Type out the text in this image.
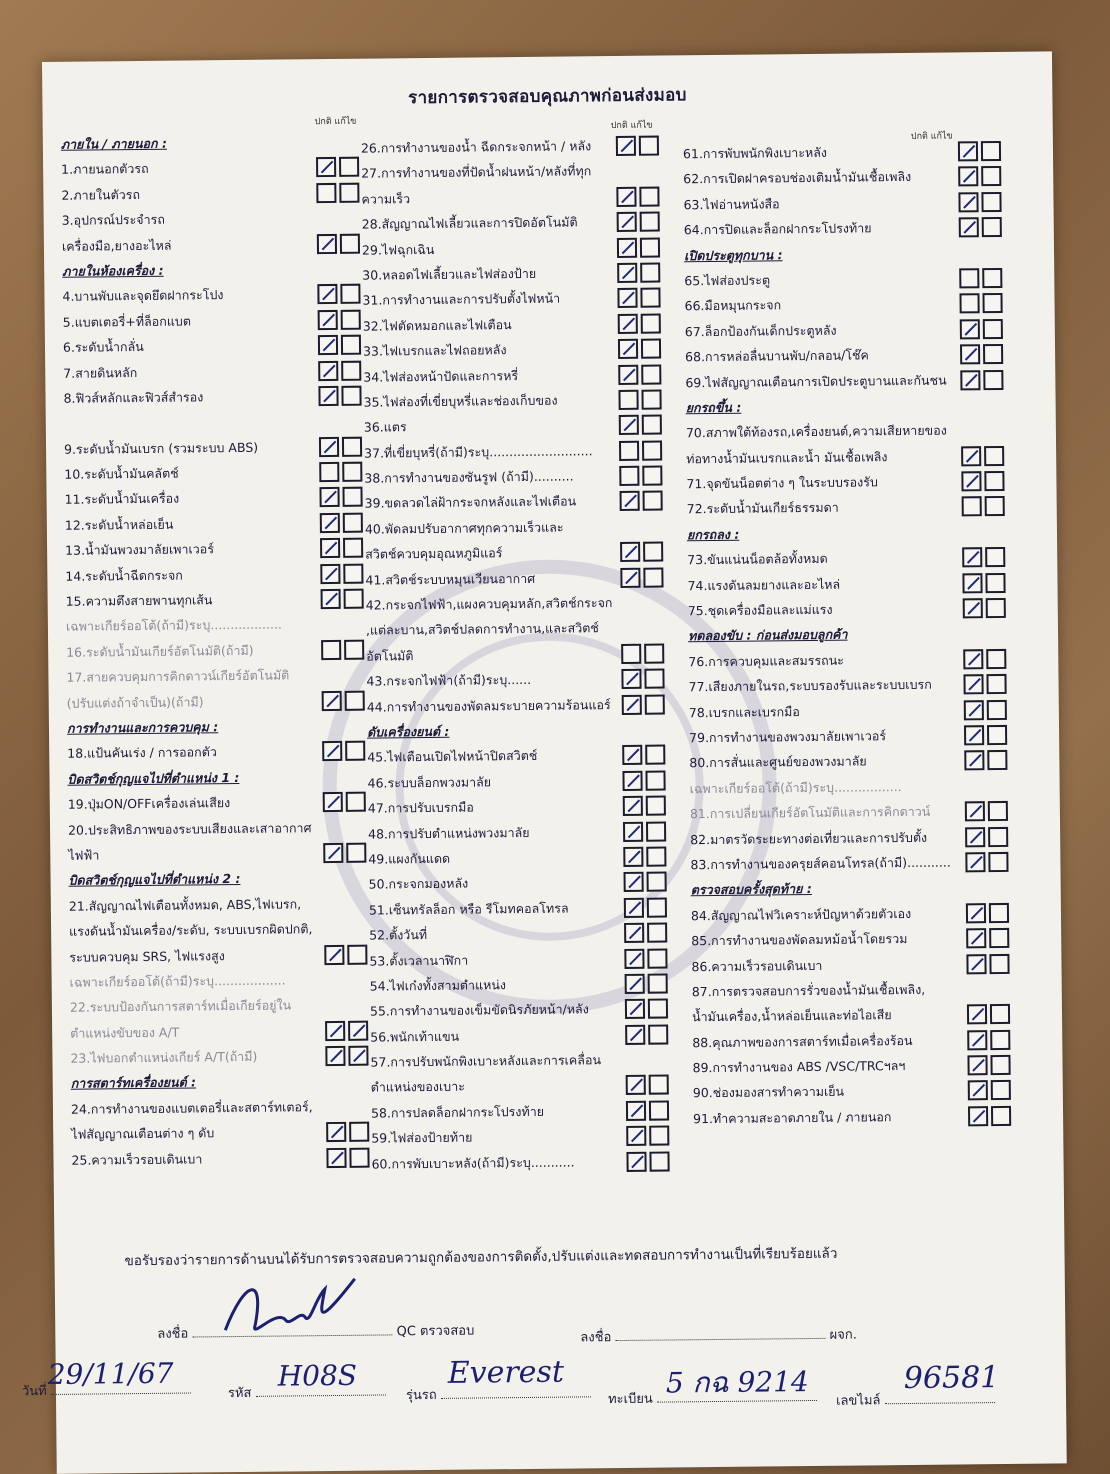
รายการตรวจสอบคุณภาพก่อนส่งมอบ
ปกติ แก้ไข	ปกติ แก้ไข
ปกติ แก้ไข
ภายใน / ภายนอก :
1.ภายนอกตัวรถ
2.ภายในตัวรถ
3.อุปกรณ์ประจำรถ
เครื่องมือ,ยางอะไหล่
ภายในห้องเครื่อง :
4.บานพับและจุดยึดฝากระโปง
5.แบตเตอรี่+ที่ล็อกแบต
6.ระดับน้ำกลั่น
7.สายดินหลัก
8.ฟิวส์หลักและฟิวส์สำรอง
9.ระดับน้ำมันเบรก (รวมระบบ ABS)
10.ระดับน้ำมันคลัตช์
11.ระดับน้ำมันเครื่อง
12.ระดับน้ำหล่อเย็น
13.น้ำมันพวงมาลัยเพาเวอร์
14.ระดับน้ำฉีดกระจก
15.ความตึงสายพานทุกเส้น
เฉพาะเกียร์ออโต้(ถ้ามี)ระบุ..................
16.ระดับน้ำมันเกียร์อัตโนมัติ(ถ้ามี)
17.สายควบคุมการคิกดาวน์เกียร์อัตโนมัติ
(ปรับแต่งถ้าจำเป็น)(ถ้ามี)
การทำงานและการควบคุม :
18.แป้นคันเร่ง / การออกตัว
บิดสวิตช์กุญแจไปที่ตำแหน่ง 1 :
19.ปุ่มON/OFFเครื่องเล่นเสียง
20.ประสิทธิภาพของระบบเสียงและเสาอากาศ
ไฟฟ้า
บิดสวิตช์กุญแจไปที่ตำแหน่ง 2 :
21.สัญญาณไฟเตือนทั้งหมด, ABS,ไฟเบรก,
แรงดันน้ำมันเครื่อง/ระดับ, ระบบเบรกผิดปกติ,
ระบบควบคุม SRS, ไฟแรงสูง
เฉพาะเกียร์ออโต้(ถ้ามี)ระบุ..................
22.ระบบป้องกันการสตาร์ทเมื่อเกียร์อยู่ใน
ตำแหน่งขับของ A/T
23.ไฟบอกตำแหน่งเกียร์ A/T(ถ้ามี)
การสตาร์ทเครื่องยนต์ :
24.การทำงานของแบตเตอรี่และสตาร์ทเตอร์,
ไฟสัญญาณเตือนต่าง ๆ ดับ
25.ความเร็วรอบเดินเบา
26.การทำงานของน้ำ ฉีดกระจกหน้า / หลัง
27.การทำงานของที่ปัดน้ำฝนหน้า/หลังที่ทุก
ความเร็ว
28.สัญญาณไฟเลี้ยวและการปิดอัตโนมัติ
29.ไฟฉุกเฉิน
30.หลอดไฟเลี้ยวและไฟส่องป้าย
31.การทำงานและการปรับตั้งไฟหน้า
32.ไฟตัดหมอกและไฟเตือน
33.ไฟเบรกและไฟถอยหลัง
34.ไฟส่องหน้าปัดและการหรี่
35.ไฟส่องที่เขี่ยบุหรี่และช่องเก็บของ
36.แตร
37.ที่เขี่ยบุหรี่(ถ้ามี)ระบุ..........................
38.การทำงานของซันรูฟ (ถ้ามี)..........
39.ขดลวดไล่ฝ้ากระจกหลังและไฟเตือน
40.พัดลมปรับอากาศทุกความเร็วและ
สวิตช์ควบคุมอุณหภูมิแอร์
41.สวิตช์ระบบหมุนเวียนอากาศ
42.กระจกไฟฟ้า,แผงควบคุมหลัก,สวิตช์กระจก
,แต่ละบาน,สวิตช์ปลดการทำงาน,และสวิตช์
อัตโนมัติ
43.กระจกไฟฟ้า(ถ้ามี)ระบุ......
44.การทำงานของพัดลมระบายความร้อนแอร์
ดับเครื่องยนต์ :
45.ไฟเตือนเปิดไฟหน้าปิดสวิตช์
46.ระบบล็อกพวงมาลัย
47.การปรับเบรกมือ
48.การปรับตำแหน่งพวงมาลัย
49.แผงกันแดด
50.กระจกมองหลัง
51.เซ็นทรัลล็อก หรือ รีโมทคอลโทรล
52.ตั้งวันที่
53.ตั้งเวลานาฬิกา
54.ไฟเก๋งทั้งสามตำแหน่ง
55.การทำงานของเข็มขัดนิรภัยหน้า/หลัง
56.พนักเท้าแขน
57.การปรับพนักพิงเบาะหลังและการเคลื่อน
ตำแหน่งของเบาะ
58.การปลดล็อกฝากระโปรงท้าย
59.ไฟส่องป้ายท้าย
60.การพับเบาะหลัง(ถ้ามี)ระบุ...........
61.การพับพนักพิงเบาะหลัง
62.การเปิดฝาครอบช่องเติมน้ำมันเชื้อเพลิง
63.ไฟอ่านหนังสือ
64.การปิดและล็อกฝากระโปรงท้าย
เปิดประตูทุกบาน :
65.ไฟส่องประตู
66.มือหมุนกระจก
67.ล็อกป้องกันเด็กประตูหลัง
68.การหล่อลื่นบานพับ/กลอน/โช๊ค
69.ไฟสัญญาณเตือนการเปิดประตูบานและกันชน
ยกรถขึ้น :
70.สภาพใต้ท้องรถ,เครื่องยนต์,ความเสียหายของ
ท่อทางน้ำมันเบรกและน้ำ มันเชื้อเพลิง
71.จุดขันน็อตต่าง ๆ ในระบบรองรับ
72.ระดับน้ำมันเกียร์ธรรมดา
ยกรถลง :
73.ขันแน่นน็อตล้อทั้งหมด
74.แรงดันลมยางและอะไหล่
75.ชุดเครื่องมือและแม่แรง
ทดลองขับ : ก่อนส่งมอบลูกค้า
76.การควบคุมและสมรรถนะ
77.เสียงภายในรถ,ระบบรองรับและระบบเบรก
78.เบรกและเบรกมือ
79.การทำงานของพวงมาลัยเพาเวอร์
80.การสั่นและศูนย์ของพวงมาลัย
เฉพาะเกียร์ออโต้(ถ้ามี)ระบุ.................
81.การเปลี่ยนเกียร์อัตโนมัติและการคิกดาวน์
82.มาตรวัดระยะทางต่อเที่ยวและการปรับตั้ง
83.การทำงานของครุยส์คอนโทรล(ถ้ามี)...........
ตรวจสอบครั้งสุดท้าย :
84.สัญญาณไฟวิเคราะห์ปัญหาด้วยตัวเอง
85.การทำงานของพัดลมหม้อน้ำโดยรวม
86.ความเร็วรอบเดินเบา
87.การตรวจสอบการรั่วของน้ำมันเชื้อเพลิง,
น้ำมันเครื่อง,น้ำหล่อเย็นและท่อไอเสีย
88.คุณภาพของการสตาร์ทเมื่อเครื่องร้อน
89.การทำงานของ ABS /VSC/TRCฯลฯ
90.ช่องมองสารทำความเย็น
91.ทำความสะอาดภายใน / ภายนอก
ขอรับรองว่ารายการด้านบนได้รับการตรวจสอบความถูกต้องของการติดตั้ง,ปรับแต่งและทดสอบการทำงานเป็นที่เรียบร้อยแล้ว
ลงชื่อ	QC ตรวจสอบ	ลงชื่อ	ผจก.
วันที่
29/11/67
รหัส
H08S
รุ่นรถ
Everest
ทะเบียน 5 กฉ 9214
เลขไมล์
96581
